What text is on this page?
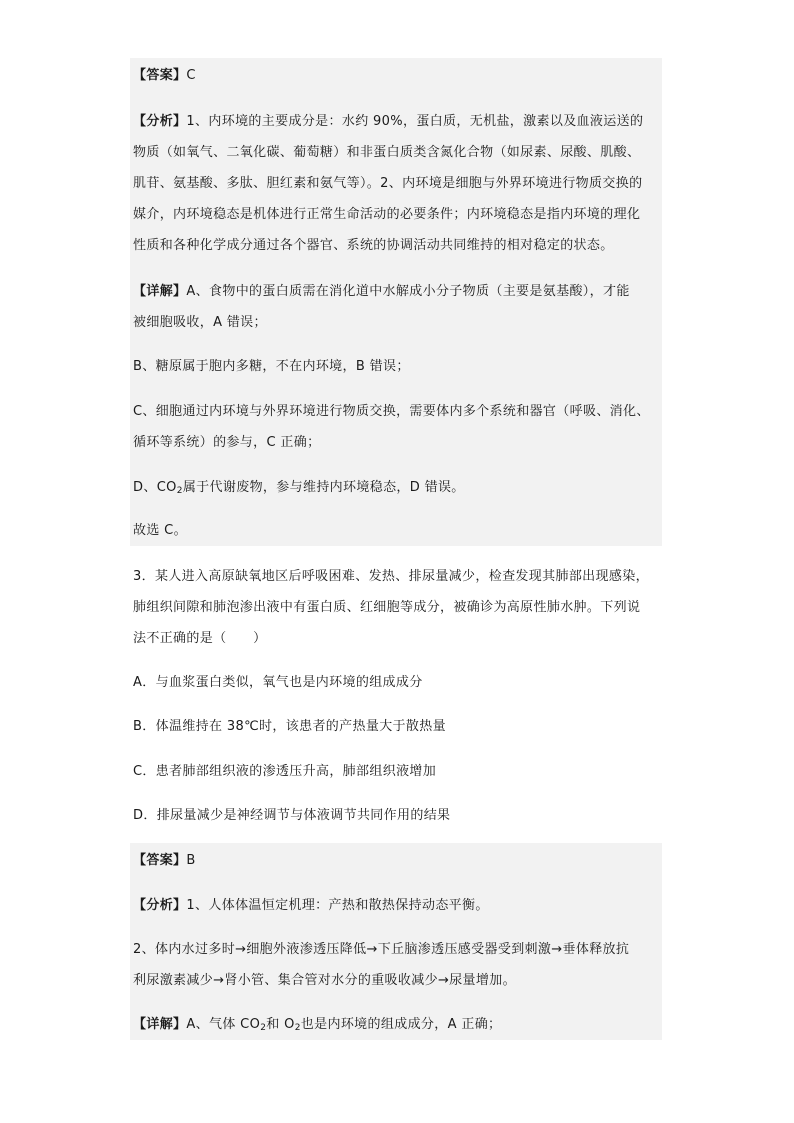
【答案】C
【分析】1、内环境的主要成分是：水约 90%，蛋白质，无机盐，激素以及血液运送的
物质（如氧气、二氧化碳、葡萄糖）和非蛋白质类含氮化合物（如尿素、尿酸、肌酸、
肌苷、氨基酸、多肽、胆红素和氨气等）。2、内环境是细胞与外界环境进行物质交换的
媒介，内环境稳态是机体进行正常生命活动的必要条件；内环境稳态是指内环境的理化
性质和各种化学成分通过各个器官、系统的协调活动共同维持的相对稳定的状态。
【详解】A、食物中的蛋白质需在消化道中水解成小分子物质（主要是氨基酸），才能
被细胞吸收，A 错误；
B、糖原属于胞内多糖，不在内环境，B 错误；
C、细胞通过内环境与外界环境进行物质交换，需要体内多个系统和器官（呼吸、消化、
循环等系统）的参与，C 正确；
D、$CO_2$属于代谢废物，参与维持内环境稳态，D 错误。
故选 C。
3．某人进入高原缺氧地区后呼吸困难、发热、排尿量减少，检查发现其肺部出现感染，
肺组织间隙和肺泡渗出液中有蛋白质、红细胞等成分，被确诊为高原性肺水肿。下列说
法不正确的是（　　）
A．与血浆蛋白类似，氧气也是内环境的组成成分
B．体温维持在 38℃时，该患者的产热量大于散热量
C．患者肺部组织液的渗透压升高，肺部组织液增加
D．排尿量减少是神经调节与体液调节共同作用的结果
【答案】B
【分析】1、人体体温恒定机理：产热和散热保持动态平衡。
2、体内水过多时→细胞外液渗透压降低→下丘脑渗透压感受器受到刺激→垂体释放抗
利尿激素减少→肾小管、集合管对水分的重吸收减少→尿量增加。
【详解】A、气体 $CO_2$和 $O_2$也是内环境的组成成分，A 正确；
